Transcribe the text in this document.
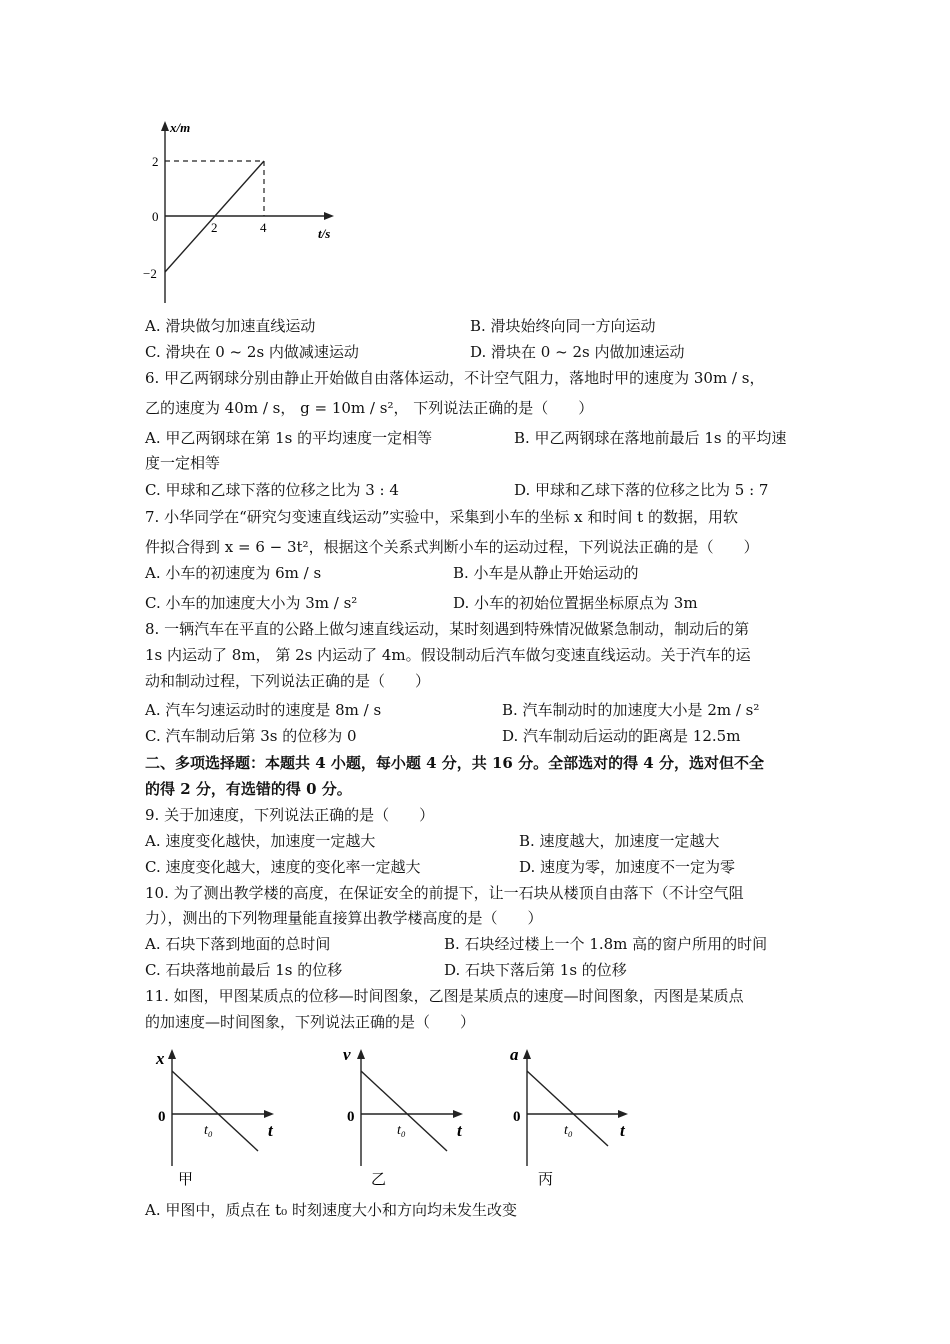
x/m
t/s
2
0
−2
2	4
A. 滑块做匀加速直线运动	B. 滑块始终向同一方向运动
C. 滑块在 0 ~ 2s 内做减速运动	D. 滑块在 0 ~ 2s 内做加速运动
6. 甲乙两钢球分别由静止开始做自由落体运动，不计空气阻力，落地时甲的速度为 30m / s，
乙的速度为 40m / s， g = 10m / s²， 下列说法正确的是（　　）
A. 甲乙两钢球在第 1s 的平均速度一定相等	B. 甲乙两钢球在落地前最后 1s 的平均速
度一定相等
C. 甲球和乙球下落的位移之比为 3 : 4	D. 甲球和乙球下落的位移之比为 5 : 7
7. 小华同学在“研究匀变速直线运动”实验中，采集到小车的坐标 x 和时间 t 的数据，用软
件拟合得到 x = 6 − 3t²，根据这个关系式判断小车的运动过程，下列说法正确的是（　　）
A. 小车的初速度为 6m / s	B. 小车是从静止开始运动的
C. 小车的加速度大小为 3m / s²	D. 小车的初始位置据坐标原点为 3m
8. 一辆汽车在平直的公路上做匀速直线运动，某时刻遇到特殊情况做紧急制动，制动后的第
1s 内运动了 8m， 第 2s 内运动了 4m。假设制动后汽车做匀变速直线运动。关于汽车的运
动和制动过程，下列说法正确的是（　　）
A. 汽车匀速运动时的速度是 8m / s	B. 汽车制动时的加速度大小是 2m / s²
C. 汽车制动后第 3s 的位移为 0	D. 汽车制动后运动的距离是 12.5m
二、多项选择题：本题共 4 小题，每小题 4 分，共 16 分。全部选对的得 4 分，选对但不全
的得 2 分，有选错的得 0 分。
9. 关于加速度，下列说法正确的是（　　）
A. 速度变化越快，加速度一定越大	B. 速度越大，加速度一定越大
C. 速度变化越大，速度的变化率一定越大	D. 速度为零，加速度不一定为零
10. 为了测出教学楼的高度，在保证安全的前提下，让一石块从楼顶自由落下（不计空气阻
力），测出的下列物理量能直接算出教学楼高度的是（　　）
A. 石块下落到地面的总时间	B. 石块经过楼上一个 1.8m 高的窗户所用的时间
C. 石块落地前最后 1s 的位移	D. 石块下落后第 1s 的位移
11. 如图，甲图某质点的位移—时间图象，乙图是某质点的速度—时间图象，丙图是某质点
的加速度—时间图象，下列说法正确的是（　　）
x
0
t
t₀
甲
v
0
t
t₀
乙
a
0
t
t₀
丙
A. 甲图中，质点在 t₀ 时刻速度大小和方向均未发生改变
